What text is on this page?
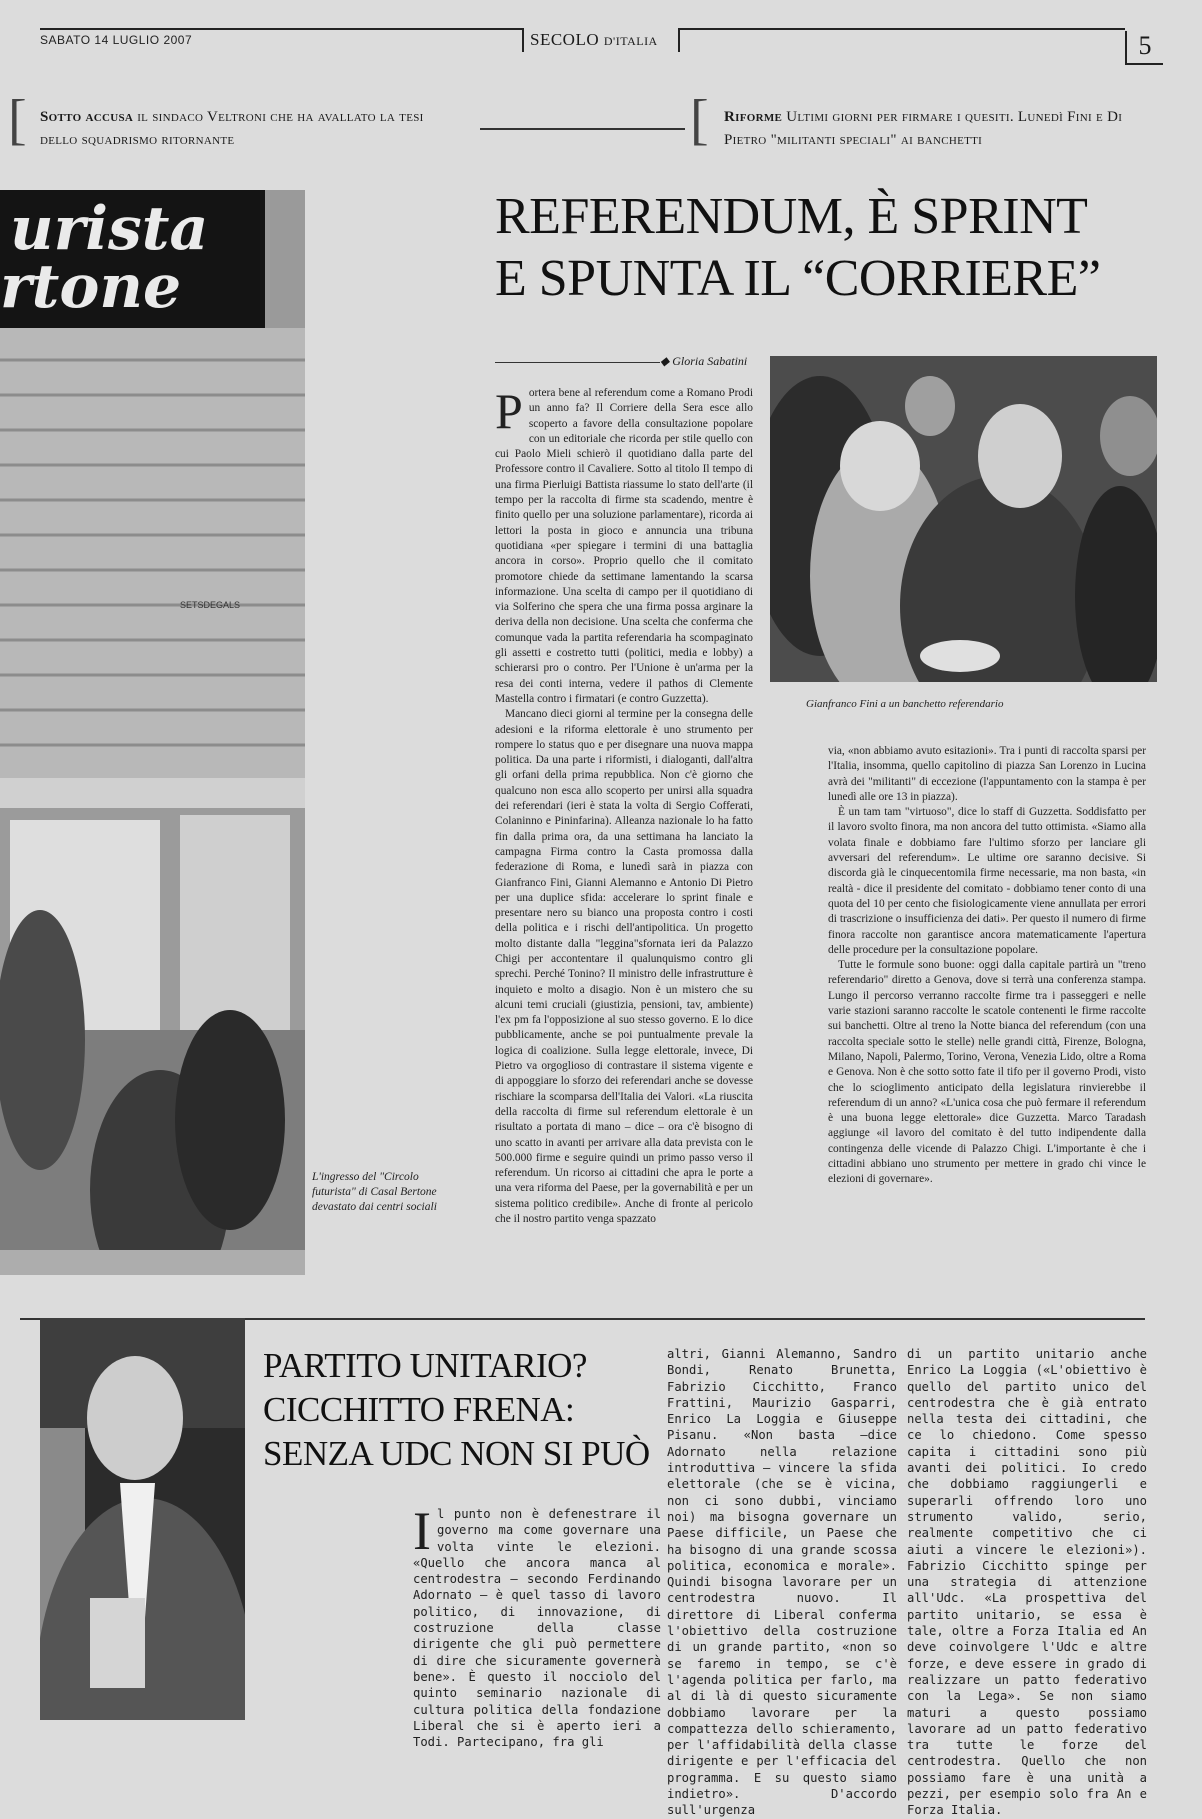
SABATO 14 LUGLIO 2007	SECOLO D'ITALIA	5
[ Sotto accusa il sindaco Veltroni che ha avallato la tesi dello squadrismo ritornante	[ Riforme Ultimi giorni per firmare i quesiti. Lunedì Fini e Di Pietro "militanti speciali" ai banchetti
urista
rtone
SETSDEGALS
L'ingresso del "Circolo futurista" di Casal Bertone devastato dai centri sociali
REFERENDUM, È SPRINT
E SPUNTA IL “CORRIERE”
◆ Gloria Sabatini
Gianfranco Fini a un banchetto referendario
P ortera bene al referendum come a Romano Prodi un anno fa? Il Corriere della Sera esce allo scoperto a favore della consultazione popolare con un editoriale che ricorda per stile quello con cui Paolo Mieli schierò il quotidiano dalla parte del Professore contro il Cavaliere. Sotto al titolo Il tempo di una firma Pierluigi Battista riassume lo stato dell'arte (il tempo per la raccolta di firme sta scadendo, mentre è finito quello per una soluzione parlamentare), ricorda ai lettori la posta in gioco e annuncia una tribuna quotidiana «per spiegare i termini di una battaglia ancora in corso». Proprio quello che il comitato promotore chiede da settimane lamentando la scarsa informazione. Una scelta di campo per il quotidiano di via Solferino che spera che una firma possa arginare la deriva della non decisione. Una scelta che conferma che comunque vada la partita referendaria ha scompaginato gli assetti e costretto tutti (politici, media e lobby) a schierarsi pro o contro. Per l'Unione è un'arma per la resa dei conti interna, vedere il pathos di Clemente Mastella contro i firmatari (e contro Guzzetta).

Mancano dieci giorni al termine per la consegna delle adesioni e la riforma elettorale è uno strumento per rompere lo status quo e per disegnare una nuova mappa politica. Da una parte i riformisti, i dialoganti, dall'altra gli orfani della prima repubblica. Non c'è giorno che qualcuno non esca allo scoperto per unirsi alla squadra dei referendari (ieri è stata la volta di Sergio Cofferati, Colaninno e Pininfarina). Alleanza nazionale lo ha fatto fin dalla prima ora, da una settimana ha lanciato la campagna Firma contro la Casta promossa dalla federazione di Roma, e lunedì sarà in piazza con Gianfranco Fini, Gianni Alemanno e Antonio Di Pietro per una duplice sfida: accelerare lo sprint finale e presentare nero su bianco una proposta contro i costi della politica e i rischi dell'antipolitica. Un progetto molto distante dalla "leggina"sfornata ieri da Palazzo Chigi per accontentare il qualunquismo contro gli sprechi. Perché Tonino? Il ministro delle infrastrutture è inquieto e molto a disagio. Non è un mistero che su alcuni temi cruciali (giustizia, pensioni, tav, ambiente) l'ex pm fa l'opposizione al suo stesso governo. E lo dice pubblicamente, anche se poi puntualmente prevale la logica di coalizione. Sulla legge elettorale, invece, Di Pietro va orgoglioso di contrastare il sistema vigente e di appoggiare lo sforzo dei referendari anche se dovesse rischiare la scomparsa dell'Italia dei Valori. «La riuscita della raccolta di firme sul referendum elettorale è un risultato a portata di mano – dice – ora c'è bisogno di uno scatto in avanti per arrivare alla data prevista con le 500.000 firme e seguire quindi un primo passo verso il referendum. Un ricorso ai cittadini che apra le porte a una vera riforma del Paese, per la governabilità e per un sistema politico credibile». Anche di fronte al pericolo che il nostro partito venga spazzato

via, «non abbiamo avuto esitazioni». Tra i punti di raccolta sparsi per l'Italia, insomma, quello capitolino di piazza San Lorenzo in Lucina avrà dei "militanti" di eccezione (l'appuntamento con la stampa è per lunedì alle ore 13 in piazza).

È un tam tam "virtuoso", dice lo staff di Guzzetta. Soddisfatto per il lavoro svolto finora, ma non ancora del tutto ottimista. «Siamo alla volata finale e dobbiamo fare l'ultimo sforzo per lanciare gli avversari del referendum». Le ultime ore saranno decisive. Si discorda già le cinquecentomila firme necessarie, ma non basta, «in realtà - dice il presidente del comitato - dobbiamo tener conto di una quota del 10 per cento che fisiologicamente viene annullata per errori di trascrizione o insufficienza dei dati». Per questo il numero di firme finora raccolte non garantisce ancora matematicamente l'apertura delle procedure per la consultazione popolare.

Tutte le formule sono buone: oggi dalla capitale partirà un "treno referendario" diretto a Genova, dove si terrà una conferenza stampa. Lungo il percorso verranno raccolte firme tra i passeggeri e nelle varie stazioni saranno raccolte le scatole contenenti le firme raccolte sui banchetti. Oltre al treno la Notte bianca del referendum (con una raccolta speciale sotto le stelle) nelle grandi città, Firenze, Bologna, Milano, Napoli, Palermo, Torino, Verona, Venezia Lido, oltre a Roma e Genova. Non è che sotto sotto fate il tifo per il governo Prodi, visto che lo scioglimento anticipato della legislatura rinvierebbe il referendum di un anno? «L'unica cosa che può fermare il referendum è una buona legge elettorale» dice Guzzetta. Marco Taradash aggiunge «il lavoro del comitato è del tutto indipendente dalla contingenza delle vicende di Palazzo Chigi. L'importante è che i cittadini abbiano uno strumento per mettere in grado chi vince le elezioni di governare».

PARTITO UNITARIO?
CICCHITTO FRENA:
SENZA UDC NON SI PUÒ
I l punto non è defenestrare il governo ma come governare una volta vinte le elezioni. «Quello che ancora manca al centrodestra – secondo Ferdinando Adornato – è quel tasso di lavoro politico, di innovazione, di costruzione della classe dirigente che gli può permettere di dire che sicuramente governerà bene». È questo il nocciolo del quinto seminario nazionale di cultura politica della fondazione Liberal che si è aperto ieri a Todi. Partecipano, fra gli

altri, Gianni Alemanno, Sandro Bondi, Renato Brunetta, Fabrizio Cicchitto, Franco Frattini, Maurizio Gasparri, Enrico La Loggia e Giuseppe Pisanu. «Non basta –dice Adornato nella relazione introduttiva – vincere la sfida elettorale (che se è vicina, non ci sono dubbi, vinciamo noi) ma bisogna governare un Paese difficile, un Paese che ha bisogno di una grande scossa politica, economica e morale». Quindi bisogna lavorare per un centrodestra nuovo. Il direttore di Liberal conferma l'obiettivo della costruzione di un grande partito, «non so se faremo in tempo, se c'è l'agenda politica per farlo, ma al di là di questo sicuramente dobbiamo lavorare per la compattezza dello schieramento, per l'affidabilità della classe dirigente e per l'efficacia del programma. E su questo siamo indietro». D'accordo sull'urgenza

di un partito unitario anche Enrico La Loggia («L'obiettivo è quello del partito unico del centrodestra che è già entrato nella testa dei cittadini, che ce lo chiedono. Come spesso capita i cittadini sono più avanti dei politici. Io credo che dobbiamo raggiungerli e superarli offrendo loro uno strumento valido, serio, realmente competitivo che ci aiuti a vincere le elezioni»). Fabrizio Cicchitto spinge per una strategia di attenzione all'Udc. «La prospettiva del partito unitario, se essa è tale, oltre a Forza Italia ed An deve coinvolgere l'Udc e altre forze, e deve essere in grado di realizzare un patto federativo con la Lega». Se non siamo maturi a questo possiamo lavorare ad un patto federativo tra tutte le forze del centrodestra. Quello che non possiamo fare è una unità a pezzi, per esempio solo fra An e Forza Italia.
